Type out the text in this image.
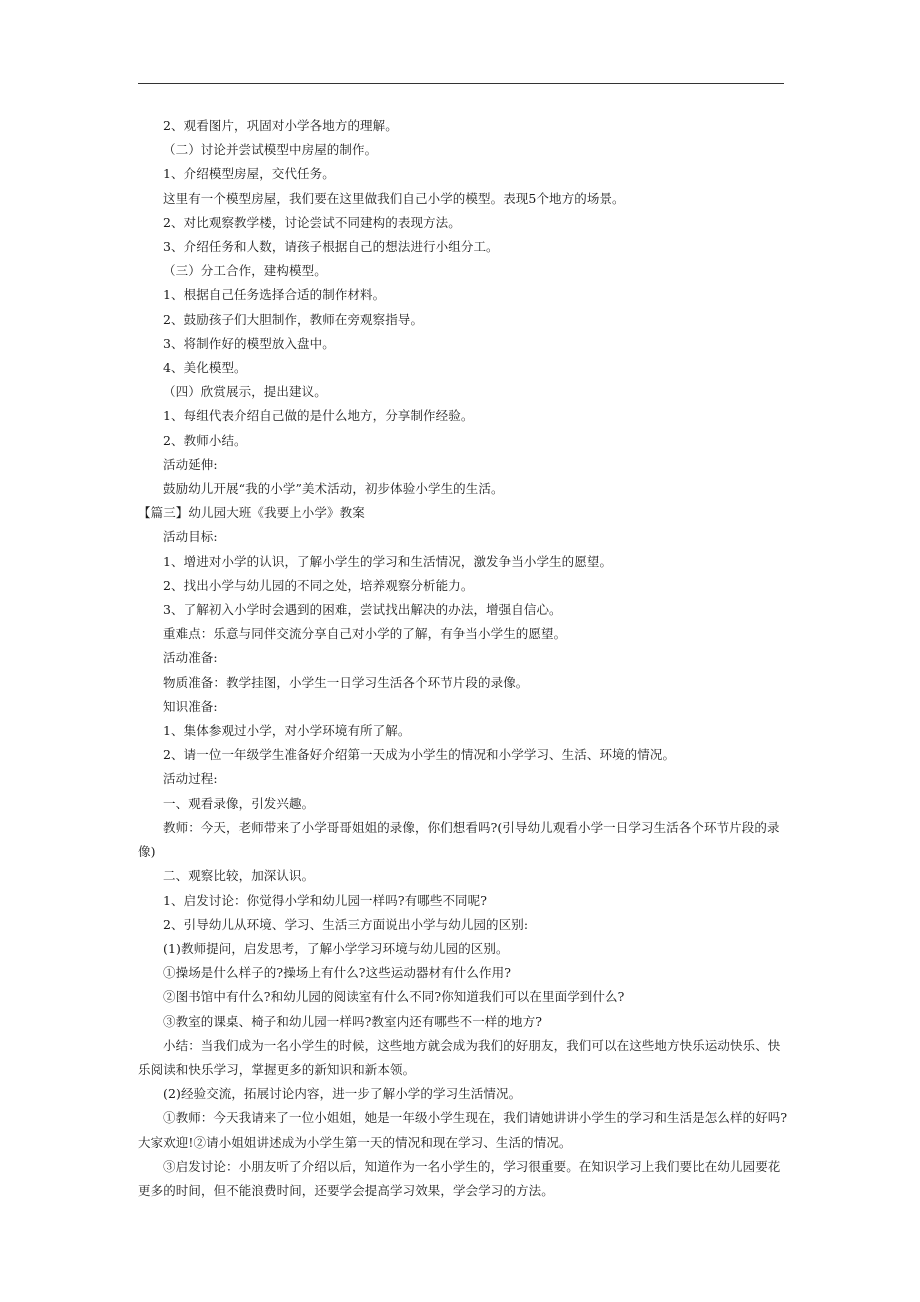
2、观看图片，巩固对小学各地方的理解。
（二）讨论并尝试模型中房屋的制作。
1、介绍模型房屋，交代任务。
这里有一个模型房屋，我们要在这里做我们自己小学的模型。表现5个地方的场景。
2、对比观察教学楼，讨论尝试不同建构的表现方法。
3、介绍任务和人数，请孩子根据自己的想法进行小组分工。
（三）分工合作，建构模型。
1、根据自己任务选择合适的制作材料。
2、鼓励孩子们大胆制作，教师在旁观察指导。
3、将制作好的模型放入盘中。
4、美化模型。
（四）欣赏展示，提出建议。
1、每组代表介绍自己做的是什么地方，分享制作经验。
2、教师小结。
活动延伸:
鼓励幼儿开展“我的小学”美术活动，初步体验小学生的生活。
【篇三】幼儿园大班《我要上小学》教案
活动目标:
1、增进对小学的认识，了解小学生的学习和生活情况，激发争当小学生的愿望。
2、找出小学与幼儿园的不同之处，培养观察分析能力。
3、了解初入小学时会遇到的困难，尝试找出解决的办法，增强自信心。
重难点：乐意与同伴交流分享自己对小学的了解，有争当小学生的愿望。
活动准备:
物质准备：教学挂图，小学生一日学习生活各个环节片段的录像。
知识准备:
1、集体参观过小学，对小学环境有所了解。
2、请一位一年级学生准备好介绍第一天成为小学生的情况和小学学习、生活、环境的情况。
活动过程:
一、观看录像，引发兴趣。
教师：今天，老师带来了小学哥哥姐姐的录像，你们想看吗?(引导幼儿观看小学一日学习生活各个环节片段的录像)
二、观察比较，加深认识。
1、启发讨论：你觉得小学和幼儿园一样吗?有哪些不同呢?
2、引导幼儿从环境、学习、生活三方面说出小学与幼儿园的区别:
(1)教师提问，启发思考，了解小学学习环境与幼儿园的区别。
①操场是什么样子的?操场上有什么?这些运动器材有什么作用?
②图书馆中有什么?和幼儿园的阅读室有什么不同?你知道我们可以在里面学到什么?
③教室的课桌、椅子和幼儿园一样吗?教室内还有哪些不一样的地方?
小结：当我们成为一名小学生的时候，这些地方就会成为我们的好朋友，我们可以在这些地方快乐运动快乐、快乐阅读和快乐学习，掌握更多的新知识和新本领。
(2)经验交流，拓展讨论内容，进一步了解小学的学习生活情况。
①教师：今天我请来了一位小姐姐，她是一年级小学生现在，我们请她讲讲小学生的学习和生活是怎么样的好吗?大家欢迎!②请小姐姐讲述成为小学生第一天的情况和现在学习、生活的情况。
③启发讨论：小朋友听了介绍以后，知道作为一名小学生的，学习很重要。在知识学习上我们要比在幼儿园要花更多的时间，但不能浪费时间，还要学会提高学习效果，学会学习的方法。
